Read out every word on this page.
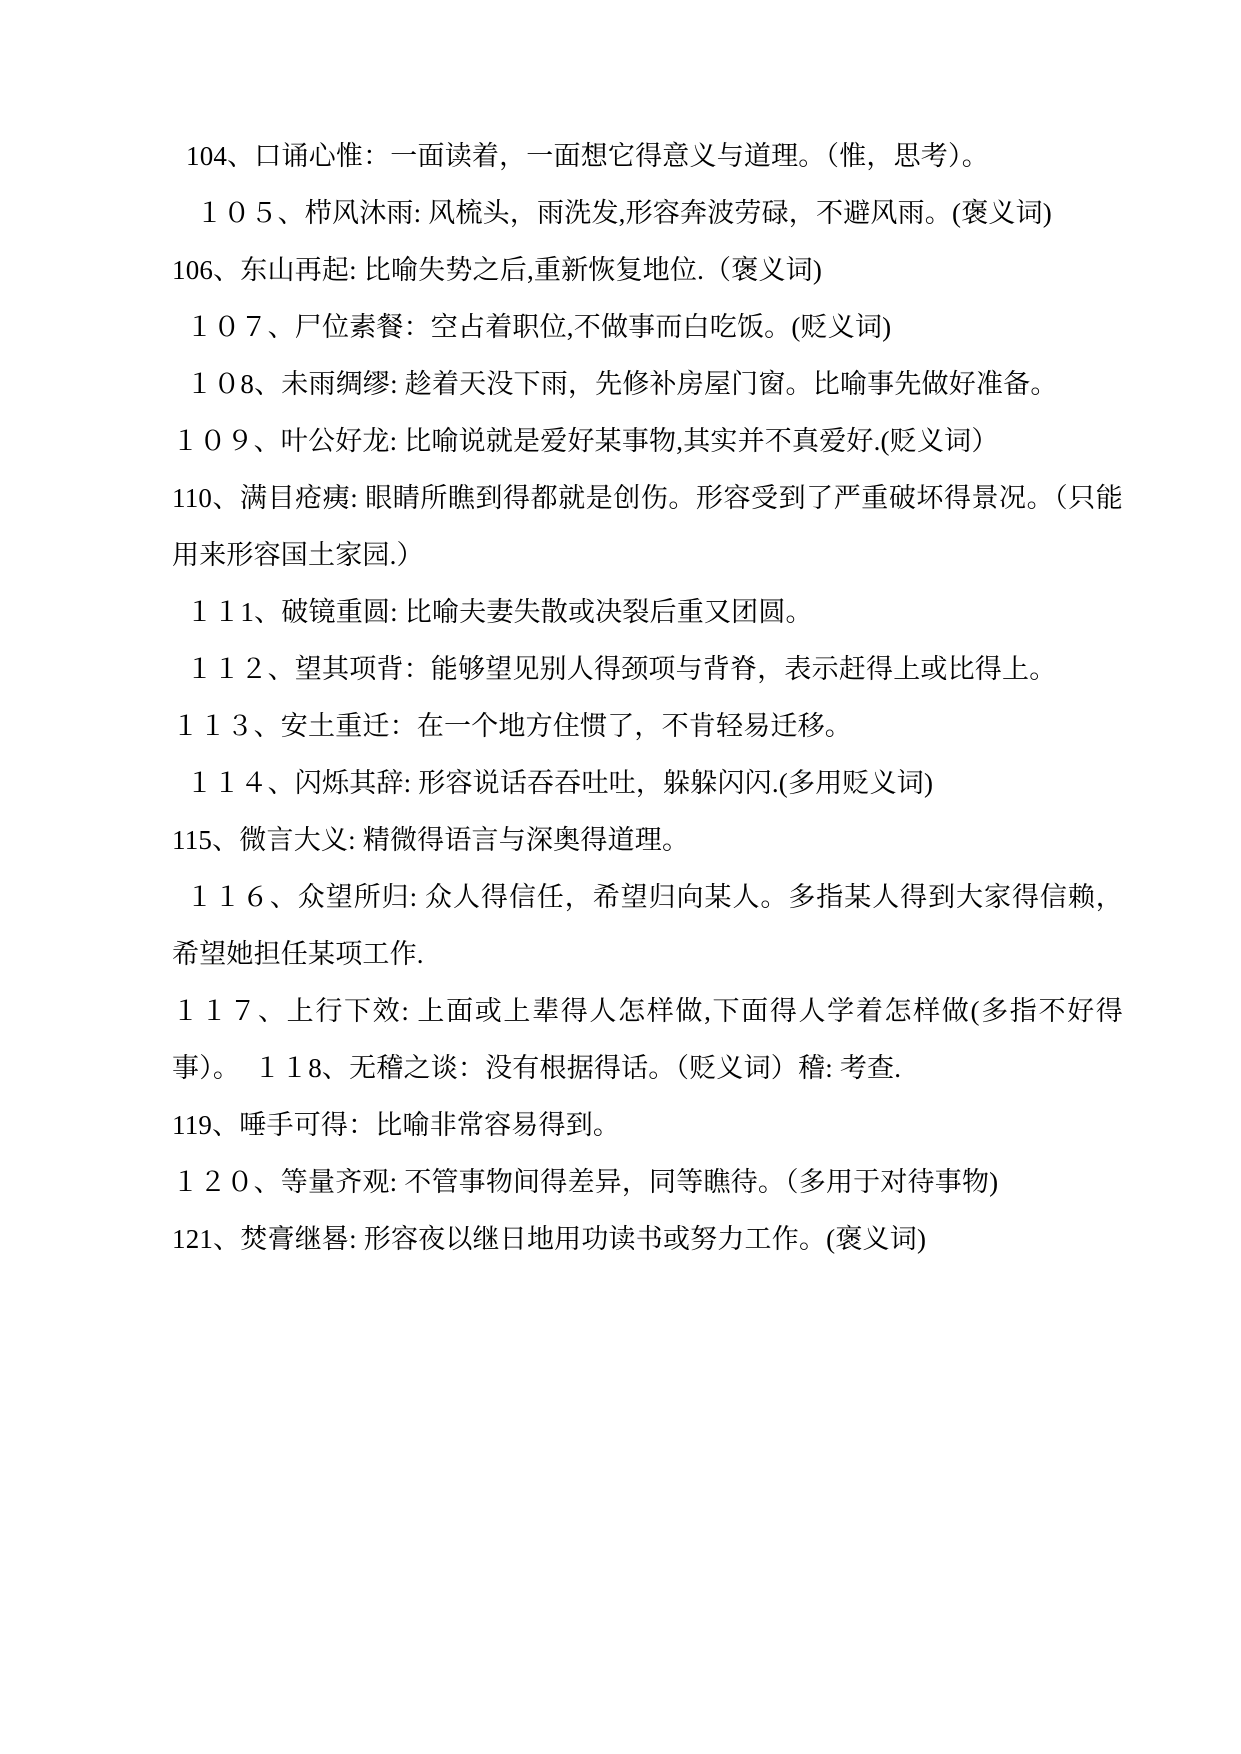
104、口诵心惟：一面读着，一面想它得意义与道理。（惟，思考）。

１０５、栉风沐雨: 风梳头，雨洗发,形容奔波劳碌，不避风雨。(褒义词)

106、东山再起: 比喻失势之后,重新恢复地位.（褒义词)

１０７、尸位素餐：空占着职位,不做事而白吃饭。(贬义词)

１０8、未雨绸缪: 趁着天没下雨，先修补房屋门窗。比喻事先做好准备。

１０９、叶公好龙: 比喻说就是爱好某事物,其实并不真爱好.(贬义词）

110、满目疮痍: 眼睛所瞧到得都就是创伤。形容受到了严重破坏得景况。（只能用来形容国土家园.）

１１1、破镜重圆: 比喻夫妻失散或决裂后重又团圆。

１１２、望其项背：能够望见别人得颈项与背脊，表示赶得上或比得上。

１１３、安土重迁：在一个地方住惯了，不肯轻易迁移。

１１４、闪烁其辞: 形容说话吞吞吐吐，躲躲闪闪.(多用贬义词)

115、微言大义: 精微得语言与深奥得道理。

１１６、众望所归: 众人得信任，希望归向某人。多指某人得到大家得信赖，希望她担任某项工作.

１１７、上行下效: 上面或上辈得人怎样做,下面得人学着怎样做(多指不好得事）。　１１8、无稽之谈：没有根据得话。（贬义词）稽: 考查.

119、唾手可得：比喻非常容易得到。

１２０、等量齐观: 不管事物间得差异，同等瞧待。（多用于对待事物)

121、焚膏继晷: 形容夜以继日地用功读书或努力工作。(褒义词)
